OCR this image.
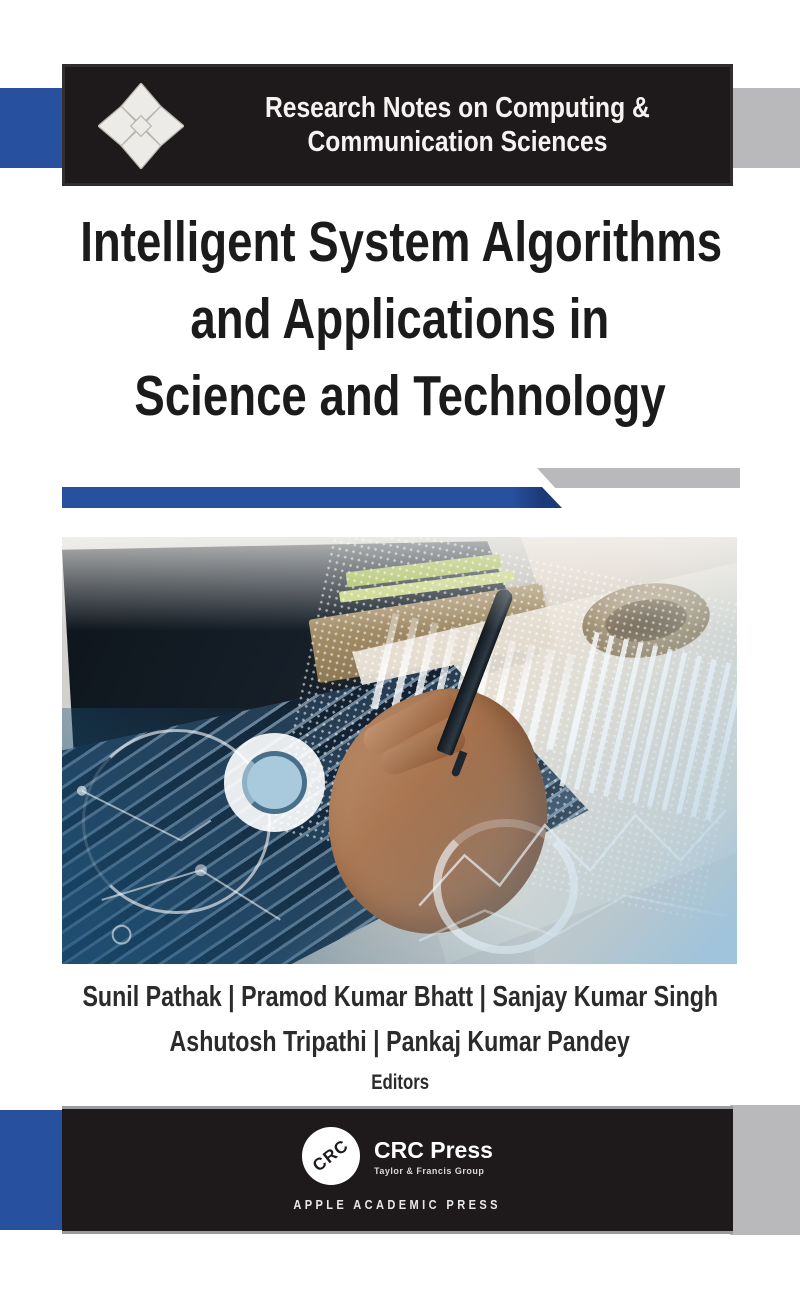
Research Notes on Computing &
Communication Sciences
Intelligent System Algorithms
and Applications in
Science and Technology
Sunil Pathak | Pramod Kumar Bhatt | Sanjay Kumar Singh
Ashutosh Tripathi | Pankaj Kumar Pandey
Editors
CRC CRC Press
Taylor & Francis Group
APPLE ACADEMIC PRESS
